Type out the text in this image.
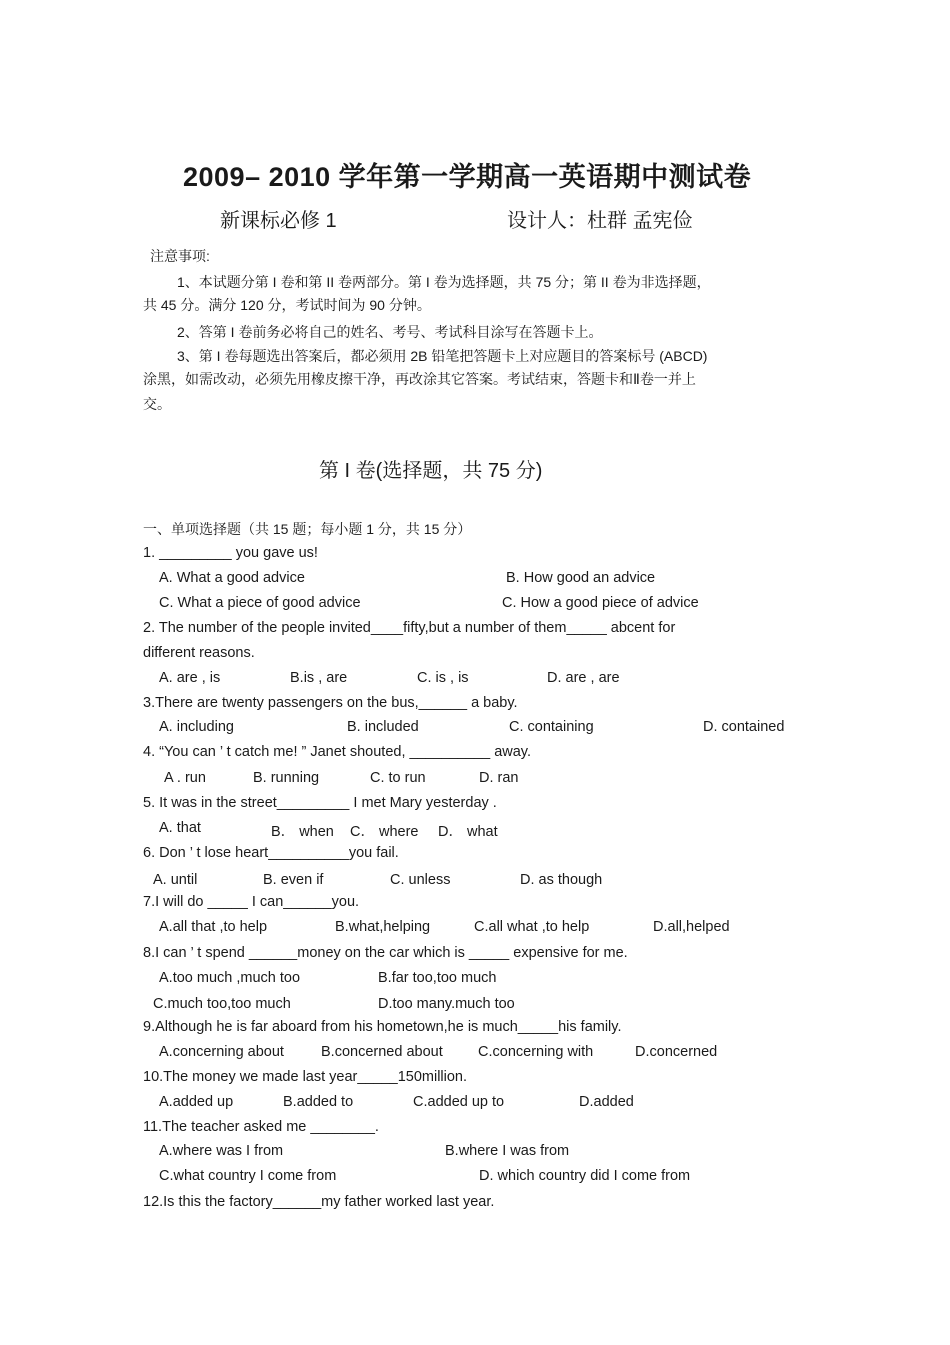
2009– 2010 学年第一学期高一英语期中测试卷
新课标必修 1	设计人：杜群 孟宪俭
注意事项:
1、本试题分第 I 卷和第 II 卷两部分。第 I 卷为选择题，共 75 分；第 II 卷为非选择题，
共 45 分。满分 120 分，考试时间为 90 分钟。
2、答第 I 卷前务必将自己的姓名、考号、考试科目涂写在答题卡上。
3、第 I 卷每题选出答案后，都必须用 2B 铅笔把答题卡上对应题目的答案标号 (ABCD)
涂黑，如需改动，必须先用橡皮擦干净，再改涂其它答案。考试结束，答题卡和Ⅱ卷一并上
交。
第 I 卷(选择题，共 75 分)
一、单项选择题（共 15 题；每小题 1 分，共 15 分）
1. _________ you gave us!
A. What a good advice	B. How good an advice
C. What a piece of good advice	C. How a good piece of advice
2. The number of the people invited____fifty,but a number of them_____ abcent for
different reasons.
A. are , is	B.is , are	C. is , is	D. are , are
3.There are twenty passengers on the bus,______ a baby.
A. including	B. included	C. containing	D. contained
4. “You can ’ t catch me! ” Janet shouted, __________ away.
A . run	B. running	C. to run	D. ran
5. It was in the street_________ I met Mary yesterday .
A. that	B． when C． where D． what
6. Don ’ t lose heart__________you fail.
A. until	B. even if	C. unless	D. as though
7.I will do _____ I can______you.
A.all that ,to help	B.what,helping	C.all what ,to help	D.all,helped
8.I can ’ t spend ______money on the car which is _____ expensive for me.
A.too much ,much too	B.far too,too much
C.much too,too much	D.too many.much too
9.Although he is far aboard from his hometown,he is much_____his family.
A.concerning about	B.concerned about C.concerning with	D.concerned
10.The money we made last year_____150million.
A.added up	B.added to	C.added up to	D.added
11.The teacher asked me ________.
A.where was I from	B.where I was from
C.what country I come from	D. which country did I come from
12.Is this the factory______my father worked last year.
